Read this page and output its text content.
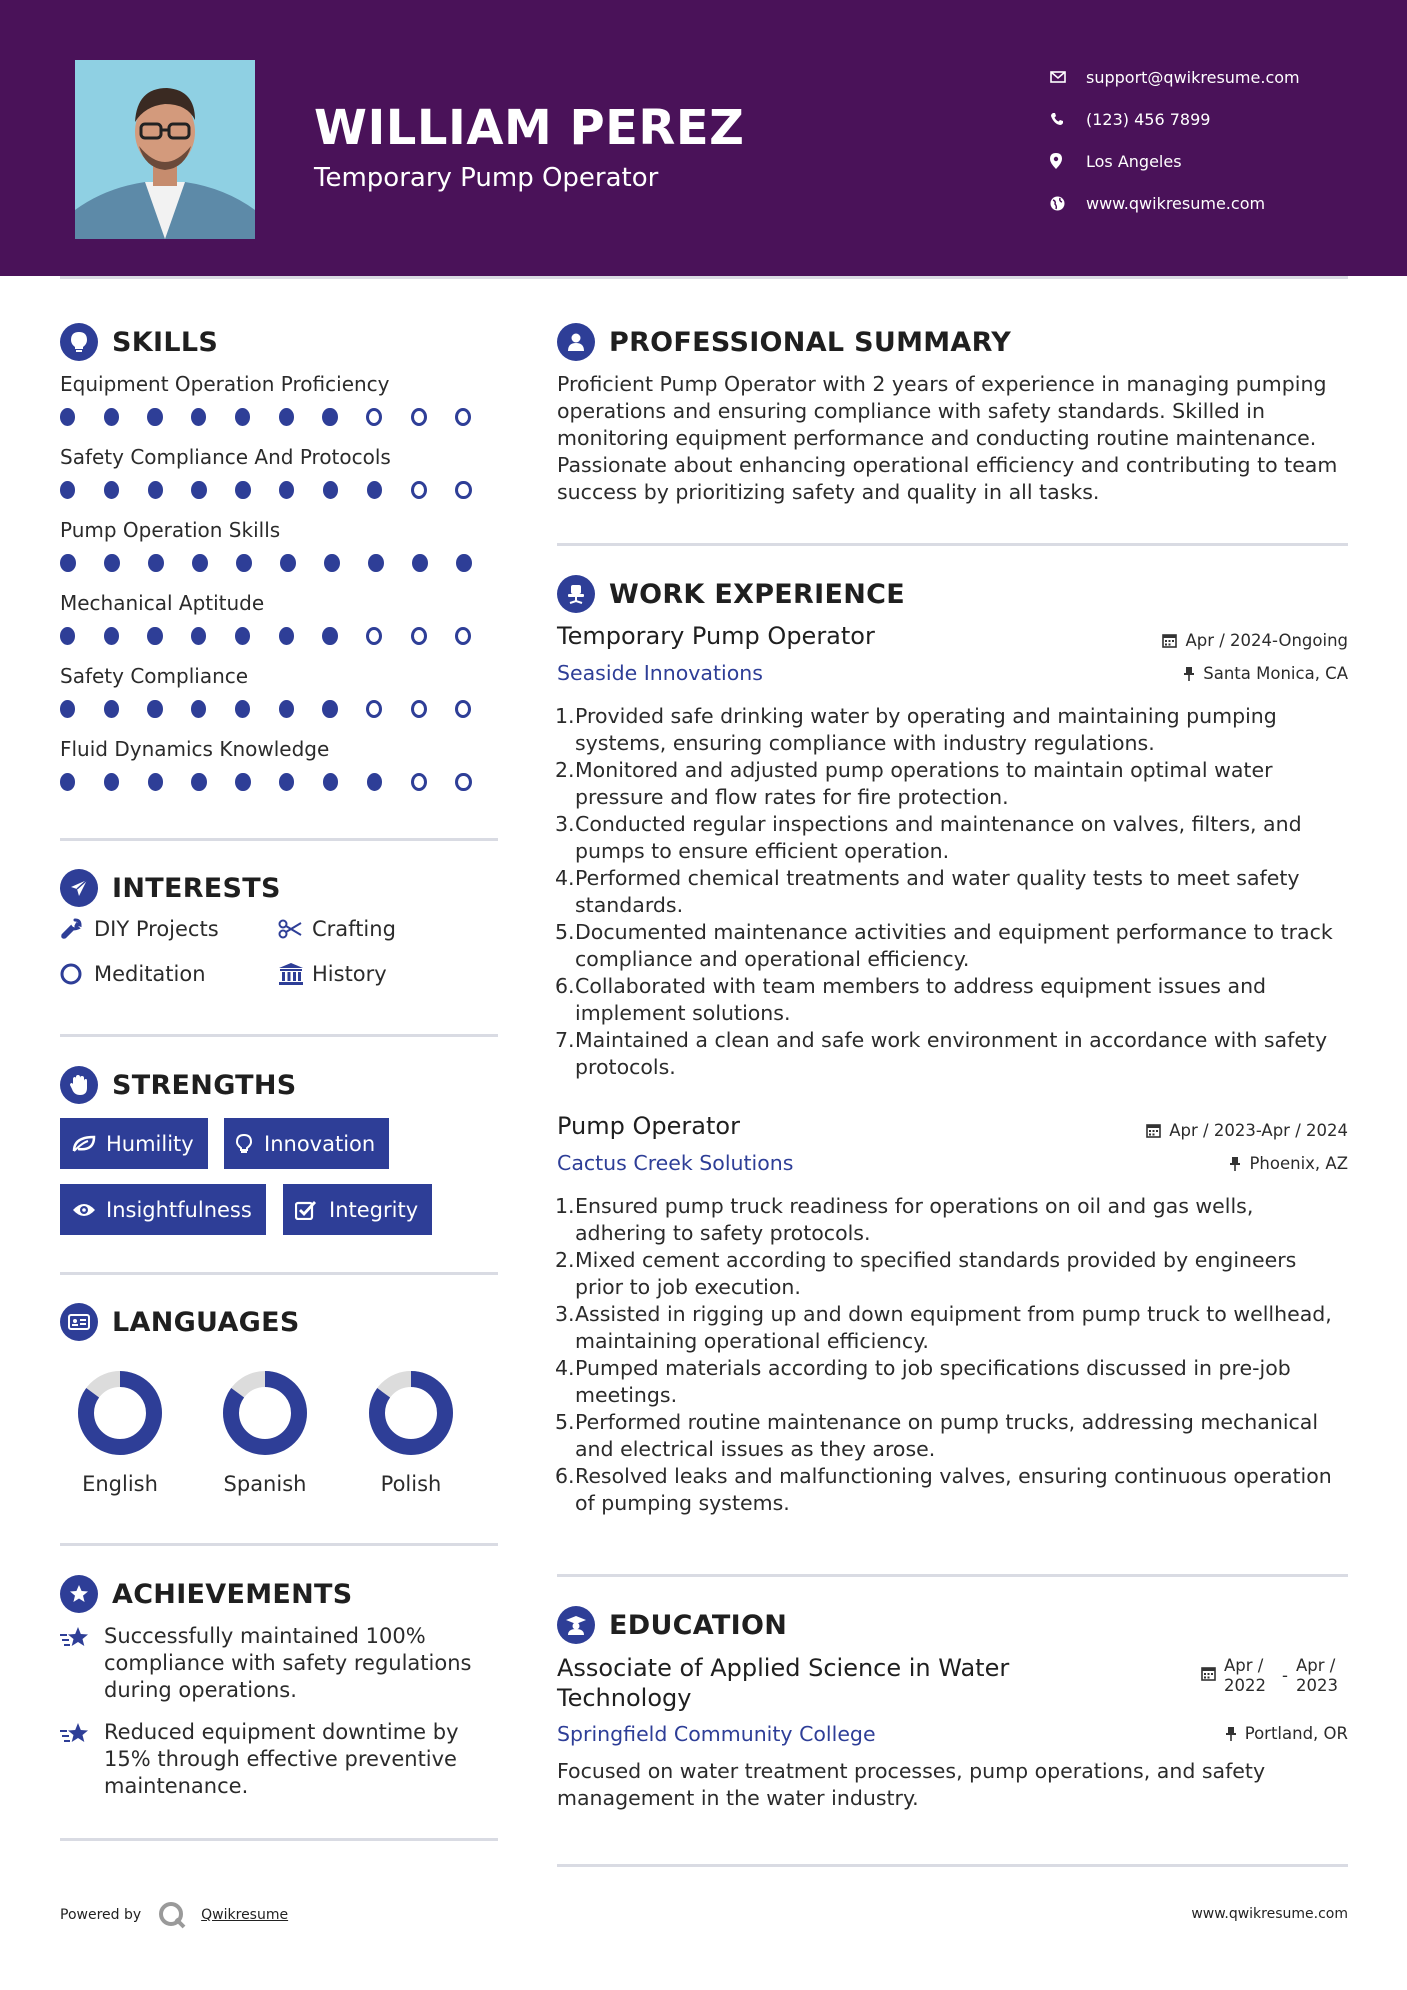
WILLIAM PEREZ
Temporary Pump Operator
support@qwikresume.com
(123) 456 7899
Los Angeles
www.qwikresume.com
SKILLS
Equipment Operation Proficiency
Safety Compliance And Protocols
Pump Operation Skills
Mechanical Aptitude
Safety Compliance
Fluid Dynamics Knowledge
INTERESTS
DIY Projects	Crafting
Meditation	History
STRENGTHS
Humility	Innovation
Insightfulness	Integrity
LANGUAGES
English	Spanish	Polish
ACHIEVEMENTS
Successfully maintained 100% compliance with safety regulations during operations.
Reduced equipment downtime by 15% through effective preventive maintenance.
PROFESSIONAL SUMMARY
Proficient Pump Operator with 2 years of experience in managing pumping operations and ensuring compliance with safety standards. Skilled in monitoring equipment performance and conducting routine maintenance. Passionate about enhancing operational efficiency and contributing to team success by prioritizing safety and quality in all tasks.
WORK EXPERIENCE
Temporary Pump Operator	Apr / 2024-Ongoing
Seaside Innovations	Santa Monica, CA
Provided safe drinking water by operating and maintaining pumping systems, ensuring compliance with industry regulations.
Monitored and adjusted pump operations to maintain optimal water pressure and flow rates for fire protection.
Conducted regular inspections and maintenance on valves, filters, and pumps to ensure efficient operation.
Performed chemical treatments and water quality tests to meet safety standards.
Documented maintenance activities and equipment performance to track compliance and operational efficiency.
Collaborated with team members to address equipment issues and implement solutions.
Maintained a clean and safe work environment in accordance with safety protocols.
Pump Operator	Apr / 2023-Apr / 2024
Cactus Creek Solutions	Phoenix, AZ
Ensured pump truck readiness for operations on oil and gas wells, adhering to safety protocols.
Mixed cement according to specified standards provided by engineers prior to job execution.
Assisted in rigging up and down equipment from pump truck to wellhead, maintaining operational efficiency.
Pumped materials according to job specifications discussed in pre-job meetings.
Performed routine maintenance on pump trucks, addressing mechanical and electrical issues as they arose.
Resolved leaks and malfunctioning valves, ensuring continuous operation of pumping systems.
EDUCATION
Associate of Applied Science in Water
Technology
Apr / 2022
-
Apr / 2023
Springfield Community College	Portland, OR
Focused on water treatment processes, pump operations, and safety management in the water industry.
Powered by	Qwikresume	www.qwikresume.com
